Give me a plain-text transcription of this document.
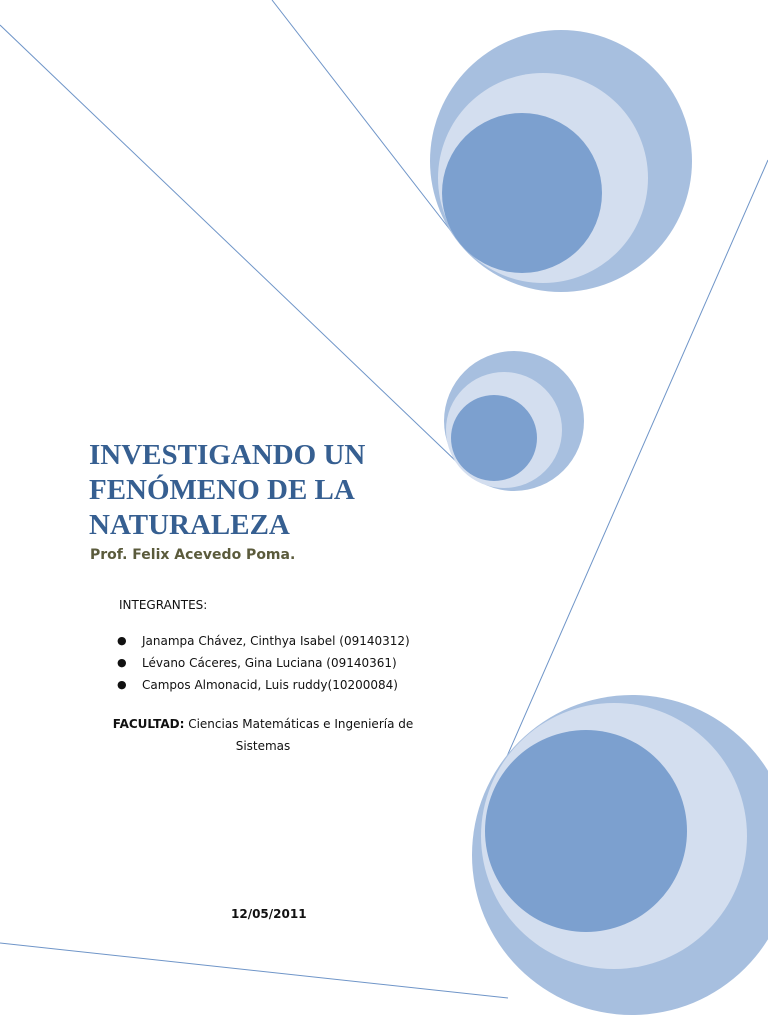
INVESTIGANDO UN
FENÓMENO DE LA
NATURALEZA
Prof. Felix Acevedo Poma.
INTEGRANTES:
● Janampa Chávez, Cinthya Isabel (09140312)
● Lévano Cáceres, Gina Luciana (09140361)
● Campos Almonacid, Luis ruddy(10200084)
FACULTAD: Ciencias Matemáticas e Ingeniería de Sistemas
12/05/2011
